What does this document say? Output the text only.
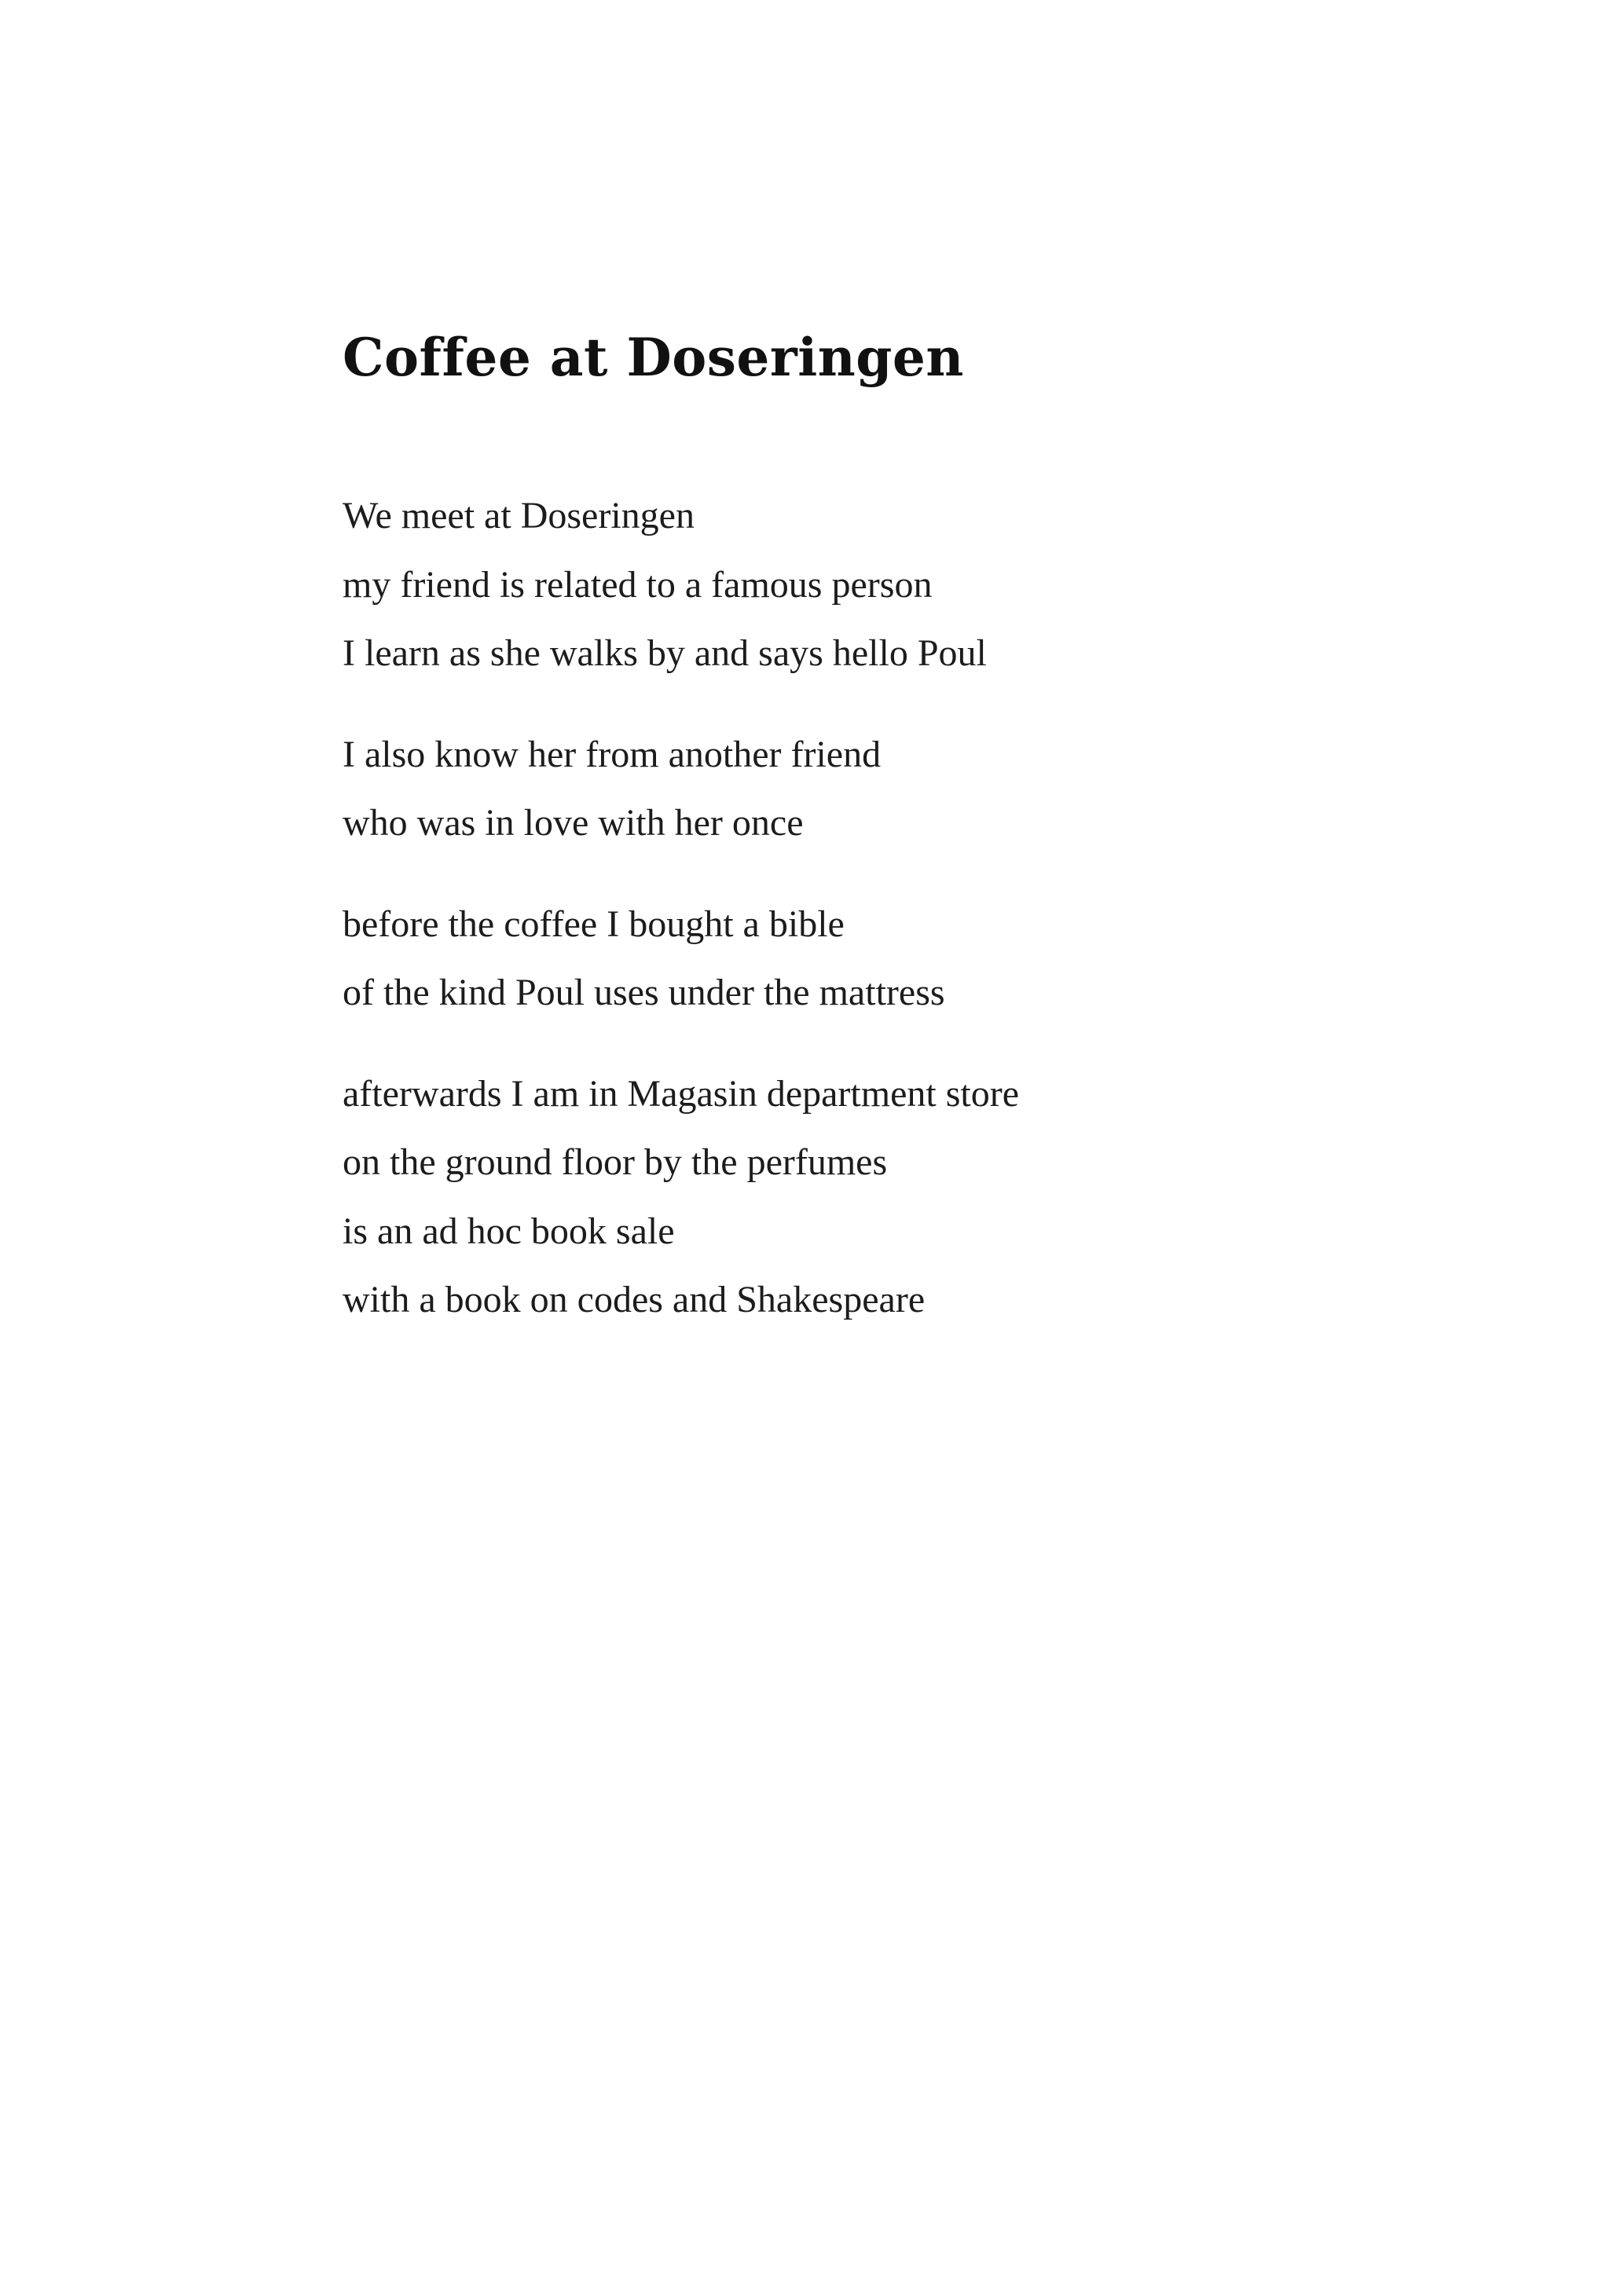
Coffee at Doseringen
We meet at Doseringen
my friend is related to a famous person
I learn as she walks by and says hello Poul
I also know her from another friend
who was in love with her once
before the coffee I bought a bible
of the kind Poul uses under the mattress
afterwards I am in Magasin department store
on the ground floor by the perfumes
is an ad hoc book sale
with a book on codes and Shakespeare
